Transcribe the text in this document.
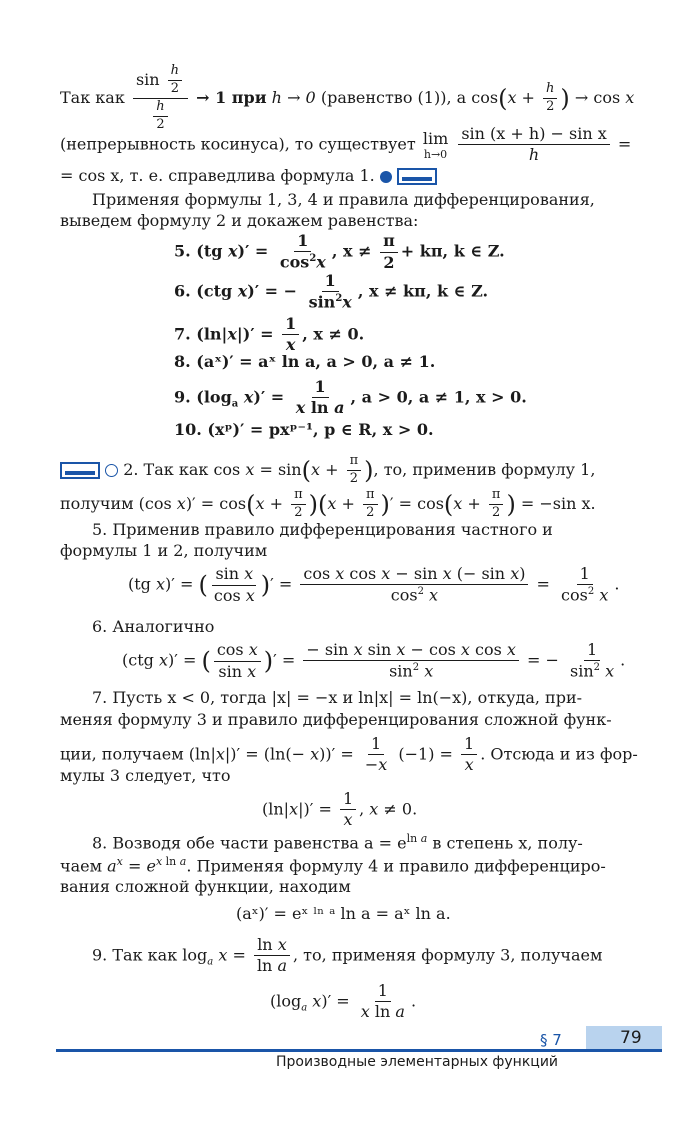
Так как $\frac{\sin \frac{h}{2}}{\frac{h}{2}} \to 1$ при h → 0 (равенство (1)), а $\cos(x + \frac{h}{2}$ ) → cos x
(непрерывность косинуса), то существует lim
h→0
$\frac{\text{sin (x + h) − sin x}}{h}$ =
= cos x, т. е. справедлива формула 1.
Применяя формулы 1, 3, 4 и правила дифференцирования,
выведем формулу 2 и докажем равенства:
5. (tg $x)' = \frac{1}{\cos^2x}$ , $x \ne \frac{\pi}{2} + k\pi$, k ∈ Z.
6. (ctg x)′ = − $\frac{1}{\sin^2x}$ , x ≠ kπ, k ∈ Z.
7. $(\ln|x|)' = \frac{1}{x}$ , x ≠ 0.
8. (aˣ)′ = aˣ ln a, a > 0, a ≠ 1.
9. ($\log_a$ $x)' = \frac{1}{\text{x ln a}}$ , a > 0, a ≠ 1, x > 0.
10. (xᵖ)′ = pxᵖ⁻¹, p ∈ R, x > 0.
2. Так как $\cos x = \sin(x + \frac{\pi}{2}$ ), то, применив формулу 1,
получим (cos $x)' = \cos(x + \frac{\pi}{2} )(x + \frac{\pi}{2}$ )′ = $\cos(x + \frac{\pi}{2}$ ) = −sin x.
5. Применив правило дифференцирования частного и
формулы 1 и 2, получим
(tg x)′ = ( $\frac{\text{sin x}}{\text{cos x}}$ )′ = $\frac{\text{cos x cos x − sin x (− sin x)}}{\cos^2 x} = \frac{1}{\cos^2 x}$ .
6. Аналогично
(ctg x)′ = ( $\frac{\text{cos x}}{\text{sin x}}$ )′ = $\frac{\text{− sin x sin x − cos x cos x}}{\sin^2 x}$ = − $\frac{1}{\sin^2 x}$ .
7. Пусть x < 0, тогда |x| = −x и ln|x| = ln(−x), откуда, при-
меняя формулу 3 и правило дифференцирования сложной функ-
ции, получаем $(\ln|x|)' = (\ln(- x))' = \frac{1}{-x} (-1) = \frac{1}{x}$ . Отсюда и из фор-
мулы 3 следует, что
$(\ln|x|)' = \frac{1}{x}$ , x ≠ 0.
8. Возводя обе части равенства $a = e^{ln a}$ в степень x, полу-
чаем $a^x = e^{x ln a}$. Применяя формулу 4 и правило дифференциро-
вания сложной функции, находим
(aˣ)′ = eˣ ˡⁿ ᵃ ln a = aˣ ln a.
9. Так как $\log_a x = \frac{\text{ln x}}{\text{ln a}}$ , то, применяя формулу 3, получаем
($\log_a$ $x)' = \frac{1}{\text{x ln a}}$ .
§ 7	79
Производные элементарных функций
